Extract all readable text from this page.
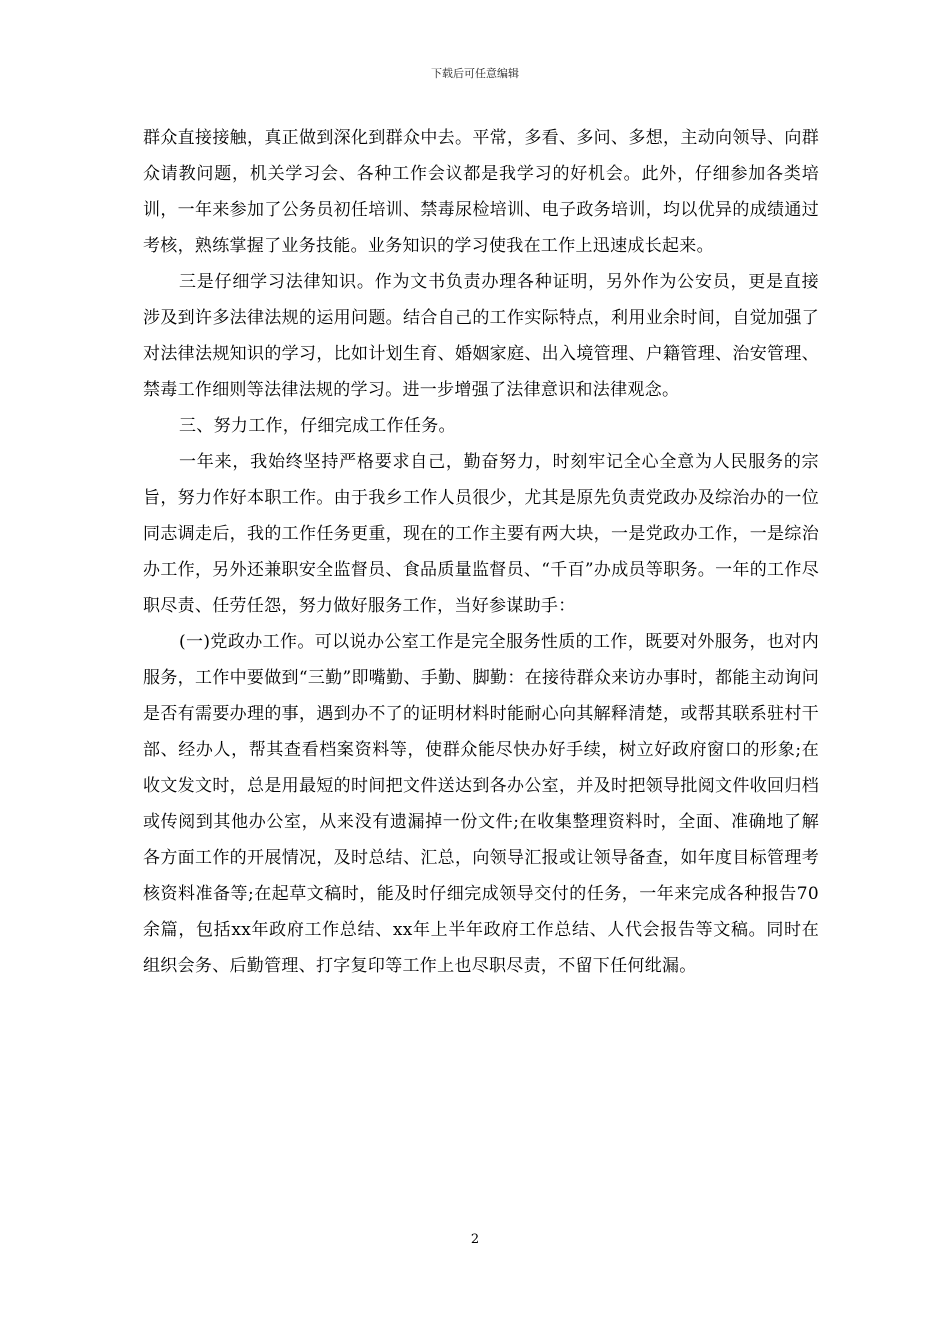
下载后可任意编辑

群众直接接触，真正做到深化到群众中去。平常，多看、多问、多想，主动向领导、向群众请教问题，机关学习会、各种工作会议都是我学习的好机会。此外，仔细参加各类培训，一年来参加了公务员初任培训、禁毒尿检培训、电子政务培训，均以优异的成绩通过考核，熟练掌握了业务技能。业务知识的学习使我在工作上迅速成长起来。

三是仔细学习法律知识。作为文书负责办理各种证明，另外作为公安员，更是直接涉及到许多法律法规的运用问题。结合自己的工作实际特点，利用业余时间，自觉加强了对法律法规知识的学习，比如计划生育、婚姻家庭、出入境管理、户籍管理、治安管理、禁毒工作细则等法律法规的学习。进一步增强了法律意识和法律观念。

三、努力工作，仔细完成工作任务。

一年来，我始终坚持严格要求自己，勤奋努力，时刻牢记全心全意为人民服务的宗旨，努力作好本职工作。由于我乡工作人员很少，尤其是原先负责党政办及综治办的一位同志调走后，我的工作任务更重，现在的工作主要有两大块，一是党政办工作，一是综治办工作，另外还兼职安全监督员、食品质量监督员、“千百”办成员等职务。一年的工作尽职尽责、任劳任怨，努力做好服务工作，当好参谋助手：

(一)党政办工作。可以说办公室工作是完全服务性质的工作，既要对外服务，也对内服务，工作中要做到“三勤”即嘴勤、手勤、脚勤：在接待群众来访办事时，都能主动询问是否有需要办理的事，遇到办不了的证明材料时能耐心向其解释清楚，或帮其联系驻村干部、经办人，帮其查看档案资料等，使群众能尽快办好手续，树立好政府窗口的形象;在收文发文时，总是用最短的时间把文件送达到各办公室，并及时把领导批阅文件收回归档或传阅到其他办公室，从来没有遗漏掉一份文件;在收集整理资料时，全面、准确地了解各方面工作的开展情况，及时总结、汇总，向领导汇报或让领导备查，如年度目标管理考核资料准备等;在起草文稿时，能及时仔细完成领导交付的任务，一年来完成各种报告70余篇，包括xx年政府工作总结、xx年上半年政府工作总结、人代会报告等文稿。同时在组织会务、后勤管理、打字复印等工作上也尽职尽责，不留下任何纰漏。

2
